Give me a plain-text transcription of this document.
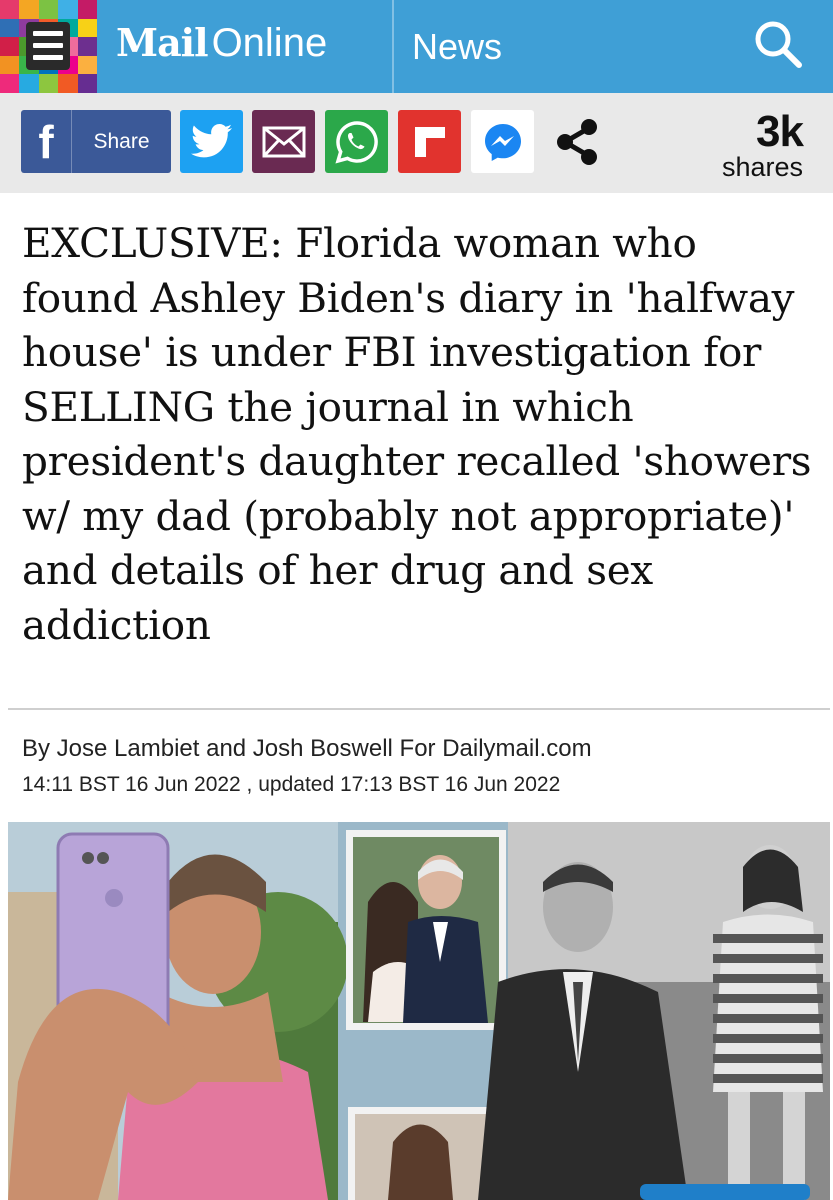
Mail Online News
f	Share	3k
shares
EXCLUSIVE: Florida woman who found Ashley Biden's diary in 'halfway house' is under FBI investigation for SELLING the journal in which president's daughter recalled 'showers w/ my dad (probably not appropriate)' and details of her drug and sex addiction
By Jose Lambiet and Josh Boswell For Dailymail.com
14:11 BST 16 Jun 2022 , updated 17:13 BST 16 Jun 2022
